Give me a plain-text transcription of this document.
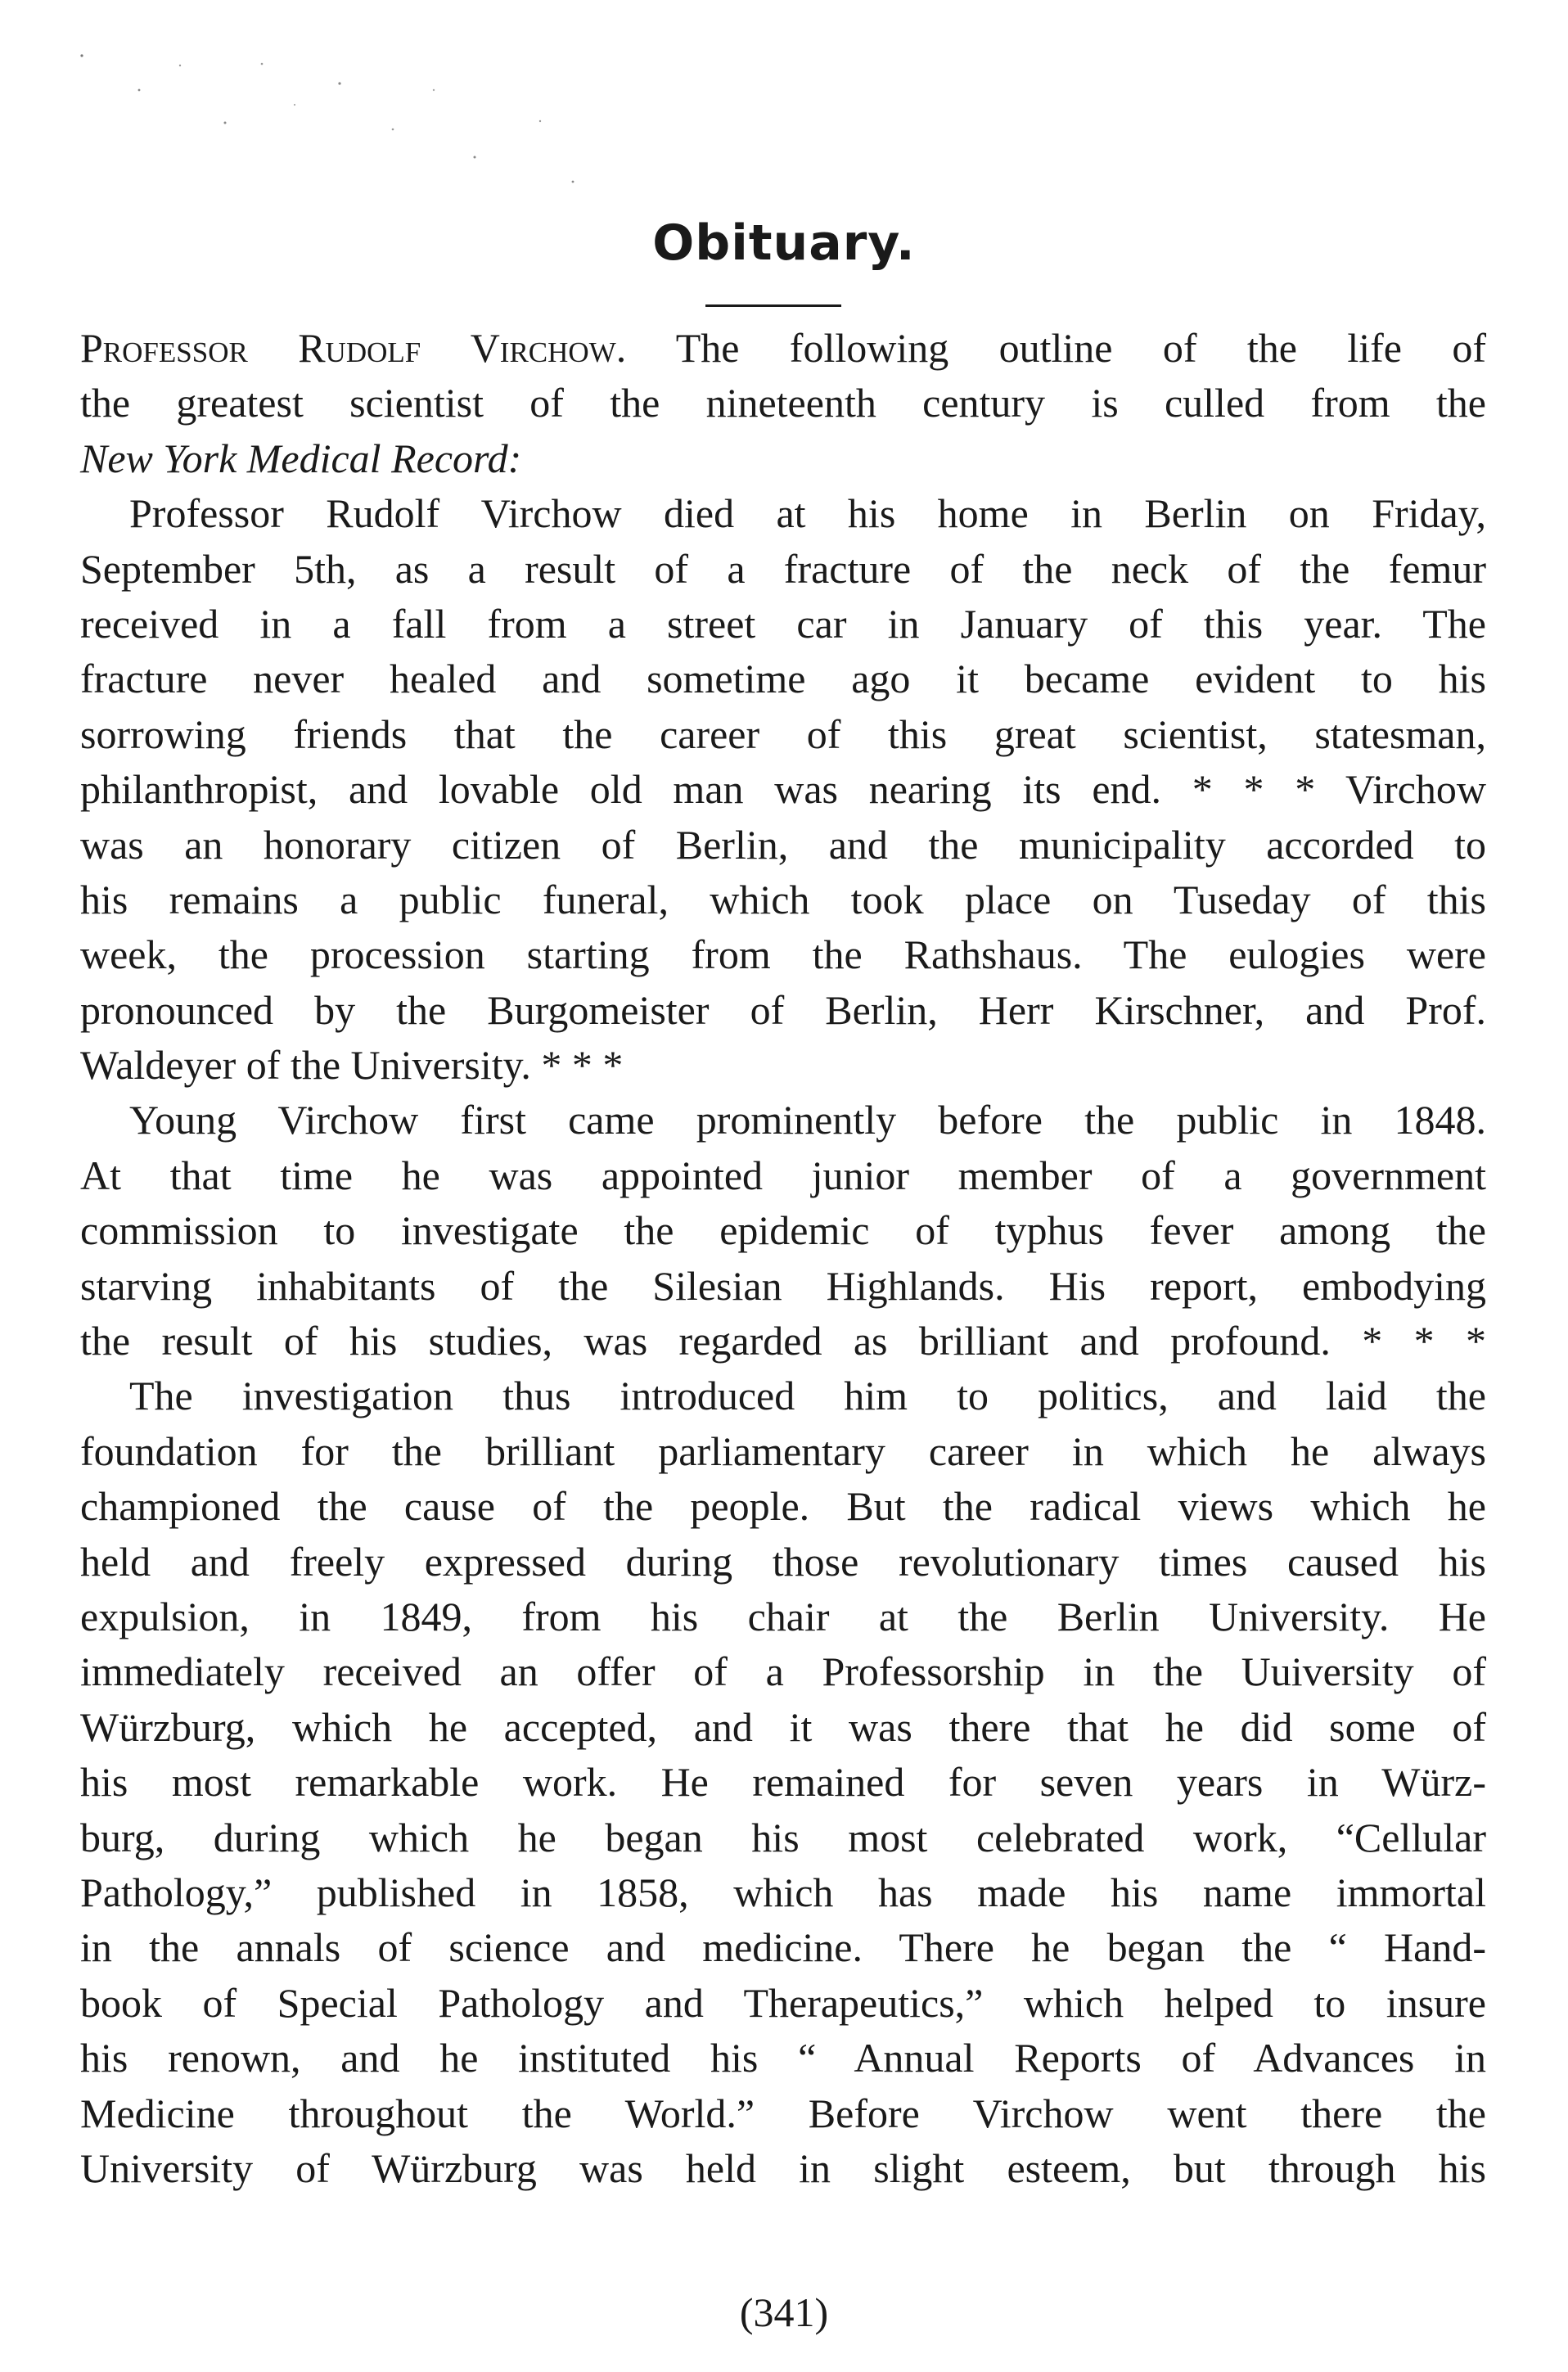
Obituary.
Professor Rudolf Virchow. The following outline of the life of
the greatest scientist of the nineteenth century is culled from the
New York Medical Record:
Professor Rudolf Virchow died at his home in Berlin on Friday,
September 5th, as a result of a fracture of the neck of the femur
received in a fall from a street car in January of this year. The
fracture never healed and sometime ago it became evident to his
sorrowing friends that the career of this great scientist, statesman,
philanthropist, and lovable old man was nearing its end. * * * Virchow
was an honorary citizen of Berlin, and the municipality accorded to
his remains a public funeral, which took place on Tuseday of this
week, the procession starting from the Rathshaus. The eulogies were
pronounced by the Burgomeister of Berlin, Herr Kirschner, and Prof.
Waldeyer of the University. * * *
Young Virchow first came prominently before the public in 1848.
At that time he was appointed junior member of a government
commission to investigate the epidemic of typhus fever among the
starving inhabitants of the Silesian Highlands. His report, embodying
the result of his studies, was regarded as brilliant and profound. * * *
The investigation thus introduced him to politics, and laid the
foundation for the brilliant parliamentary career in which he always
championed the cause of the people. But the radical views which he
held and freely expressed during those revolutionary times caused his
expulsion, in 1849, from his chair at the Berlin University. He
immediately received an offer of a Professorship in the Uuiversity of
Würzburg, which he accepted, and it was there that he did some of
his most remarkable work. He remained for seven years in Würz-
burg, during which he began his most celebrated work, “Cellular
Pathology,” published in 1858, which has made his name immortal
in the annals of science and medicine. There he began the “ Hand-
book of Special Pathology and Therapeutics,” which helped to insure
his renown, and he instituted his “ Annual Reports of Advances in
Medicine throughout the World.” Before Virchow went there the
University of Würzburg was held in slight esteem, but through his
(341)
